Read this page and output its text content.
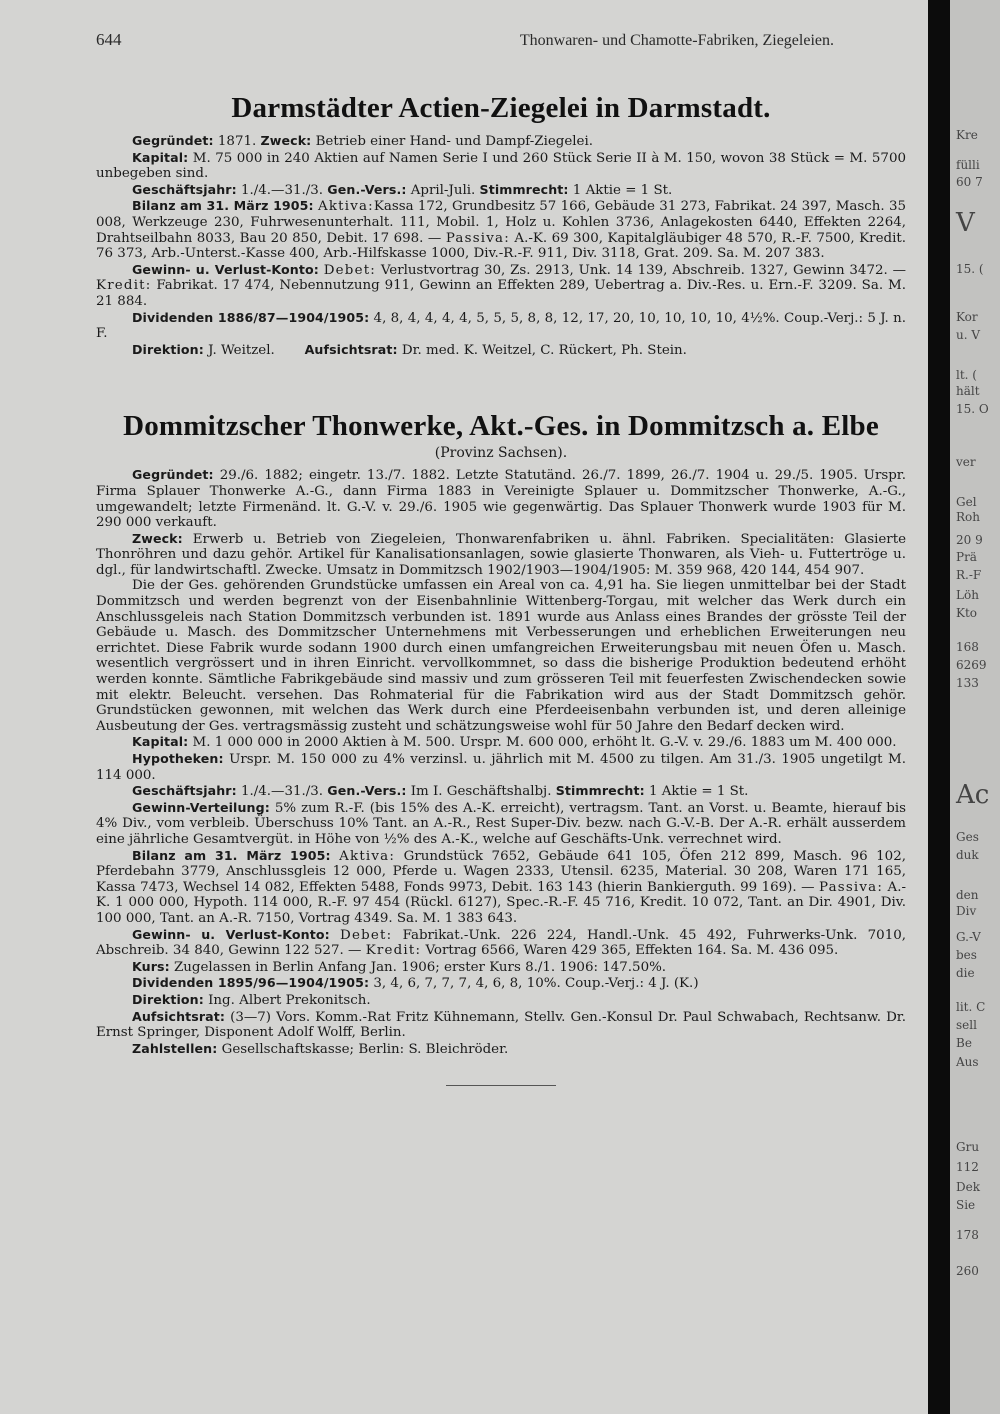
644	Thonwaren- und Chamotte-Fabriken, Ziegeleien.
Darmstädter Actien-Ziegelei in Darmstadt.

Gegründet: 1871. Zweck: Betrieb einer Hand- und Dampf-Ziegelei.

Kapital: M. 75 000 in 240 Aktien auf Namen Serie I und 260 Stück Serie II à M. 150, wovon 38 Stück = M. 5700 unbegeben sind.

Geschäftsjahr: 1./4.—31./3. Gen.-Vers.: April-Juli. Stimmrecht: 1 Aktie = 1 St.

Bilanz am 31. März 1905: Aktiva:Kassa 172, Grundbesitz 57 166, Gebäude 31 273, Fabrikat. 24 397, Masch. 35 008, Werkzeuge 230, Fuhrwesenunterhalt. 111, Mobil. 1, Holz u. Kohlen 3736, Anlagekosten 6440, Effekten 2264, Drahtseilbahn 8033, Bau 20 850, Debit. 17 698. — Passiva: A.-K. 69 300, Kapitalgläubiger 48 570, R.-F. 7500, Kredit. 76 373, Arb.-Unterst.-Kasse 400, Arb.-Hilfskasse 1000, Div.-R.-F. 911, Div. 3118, Grat. 209. Sa. M. 207 383.

Gewinn- u. Verlust-Konto: Debet: Verlustvortrag 30, Zs. 2913, Unk. 14 139, Abschreib. 1327, Gewinn 3472. — Kredit: Fabrikat. 17 474, Nebennutzung 911, Gewinn an Effekten 289, Uebertrag a. Div.-Res. u. Ern.-F. 3209. Sa. M. 21 884.

Dividenden 1886/87—1904/1905: 4, 8, 4, 4, 4, 4, 5, 5, 5, 8, 8, 12, 17, 20, 10, 10, 10, 10, 4½%. Coup.-Verj.: 5 J. n. F.

Direktion: J. Weitzel.       Aufsichtsrat: Dr. med. K. Weitzel, C. Rückert, Ph. Stein.

Dommitzscher Thonwerke, Akt.-Ges. in Dommitzsch a. Elbe
(Provinz Sachsen).

Gegründet: 29./6. 1882; eingetr. 13./7. 1882. Letzte Statutänd. 26./7. 1899, 26./7. 1904 u. 29./5. 1905. Urspr. Firma Splauer Thonwerke A.-G., dann Firma 1883 in Vereinigte Splauer u. Dommitzscher Thonwerke, A.-G., umgewandelt; letzte Firmenänd. lt. G.-V. v. 29./6. 1905 wie gegenwärtig. Das Splauer Thonwerk wurde 1903 für M. 290 000 verkauft.

Zweck: Erwerb u. Betrieb von Ziegeleien, Thonwarenfabriken u. ähnl. Fabriken. Specialitäten: Glasierte Thonröhren und dazu gehör. Artikel für Kanalisationsanlagen, sowie glasierte Thonwaren, als Vieh- u. Futtertröge u. dgl., für landwirtschaftl. Zwecke. Umsatz in Dommitzsch 1902/1903—1904/1905: M. 359 968, 420 144, 454 907.

Die der Ges. gehörenden Grundstücke umfassen ein Areal von ca. 4,91 ha. Sie liegen unmittelbar bei der Stadt Dommitzsch und werden begrenzt von der Eisenbahnlinie Wittenberg-Torgau, mit welcher das Werk durch ein Anschlussgeleis nach Station Dommitzsch verbunden ist. 1891 wurde aus Anlass eines Brandes der grösste Teil der Gebäude u. Masch. des Dommitzscher Unternehmens mit Verbesserungen und erheblichen Erweiterungen neu errichtet. Diese Fabrik wurde sodann 1900 durch einen umfangreichen Erweiterungsbau mit neuen Öfen u. Masch. wesentlich vergrössert und in ihren Einricht. vervollkommnet, so dass die bisherige Produktion bedeutend erhöht werden konnte. Sämtliche Fabrikgebäude sind massiv und zum grösseren Teil mit feuerfesten Zwischendecken sowie mit elektr. Beleucht. versehen. Das Rohmaterial für die Fabrikation wird aus der Stadt Dommitzsch gehör. Grundstücken gewonnen, mit welchen das Werk durch eine Pferdeeisenbahn verbunden ist, und deren alleinige Ausbeutung der Ges. vertragsmässig zusteht und schätzungsweise wohl für 50 Jahre den Bedarf decken wird.

Kapital: M. 1 000 000 in 2000 Aktien à M. 500. Urspr. M. 600 000, erhöht lt. G.-V. v. 29./6. 1883 um M. 400 000.

Hypotheken: Urspr. M. 150 000 zu 4% verzinsl. u. jährlich mit M. 4500 zu tilgen. Am 31./3. 1905 ungetilgt M. 114 000.

Geschäftsjahr: 1./4.—31./3. Gen.-Vers.: Im I. Geschäftshalbj. Stimmrecht: 1 Aktie = 1 St.

Gewinn-Verteilung: 5% zum R.-F. (bis 15% des A.-K. erreicht), vertragsm. Tant. an Vorst. u. Beamte, hierauf bis 4% Div., vom verbleib. Überschuss 10% Tant. an A.-R., Rest Super-Div. bezw. nach G.-V.-B. Der A.-R. erhält ausserdem eine jährliche Gesamtvergüt. in Höhe von ½% des A.-K., welche auf Geschäfts-Unk. verrechnet wird.

Bilanz am 31. März 1905: Aktiva: Grundstück 7652, Gebäude 641 105, Öfen 212 899, Masch. 96 102, Pferdebahn 3779, Anschlussgleis 12 000, Pferde u. Wagen 2333, Utensil. 6235, Material. 30 208, Waren 171 165, Kassa 7473, Wechsel 14 082, Effekten 5488, Fonds 9973, Debit. 163 143 (hierin Bankierguth. 99 169). — Passiva: A.-K. 1 000 000, Hypoth. 114 000, R.-F. 97 454 (Rückl. 6127), Spec.-R.-F. 45 716, Kredit. 10 072, Tant. an Dir. 4901, Div. 100 000, Tant. an A.-R. 7150, Vortrag 4349. Sa. M. 1 383 643.

Gewinn- u. Verlust-Konto: Debet: Fabrikat.-Unk. 226 224, Handl.-Unk. 45 492, Fuhrwerks-Unk. 7010, Abschreib. 34 840, Gewinn 122 527. — Kredit: Vortrag 6566, Waren 429 365, Effekten 164. Sa. M. 436 095.

Kurs: Zugelassen in Berlin Anfang Jan. 1906; erster Kurs 8./1. 1906: 147.50%.

Dividenden 1895/96—1904/1905: 3, 4, 6, 7, 7, 7, 4, 6, 8, 10%. Coup.-Verj.: 4 J. (K.)

Direktion: Ing. Albert Prekonitsch.

Aufsichtsrat: (3—7) Vors. Komm.-Rat Fritz Kühnemann, Stellv. Gen.-Konsul Dr. Paul Schwabach, Rechtsanw. Dr. Ernst Springer, Disponent Adolf Wolff, Berlin.

Zahlstellen: Gesellschaftskasse; Berlin: S. Bleichröder.

Kre
fülli
60 7
V
15. (
Kor
u. V
lt. (
hält
15. O
ver
Gel
Roh
20 9
Prä
R.-F
Löh
Kto
168
6269
133
Ac
Ges
duk
den
Div
G.-V
bes
die
lit. C
sell
Be
Aus
Gru
112
Dek
Sie
178
260
